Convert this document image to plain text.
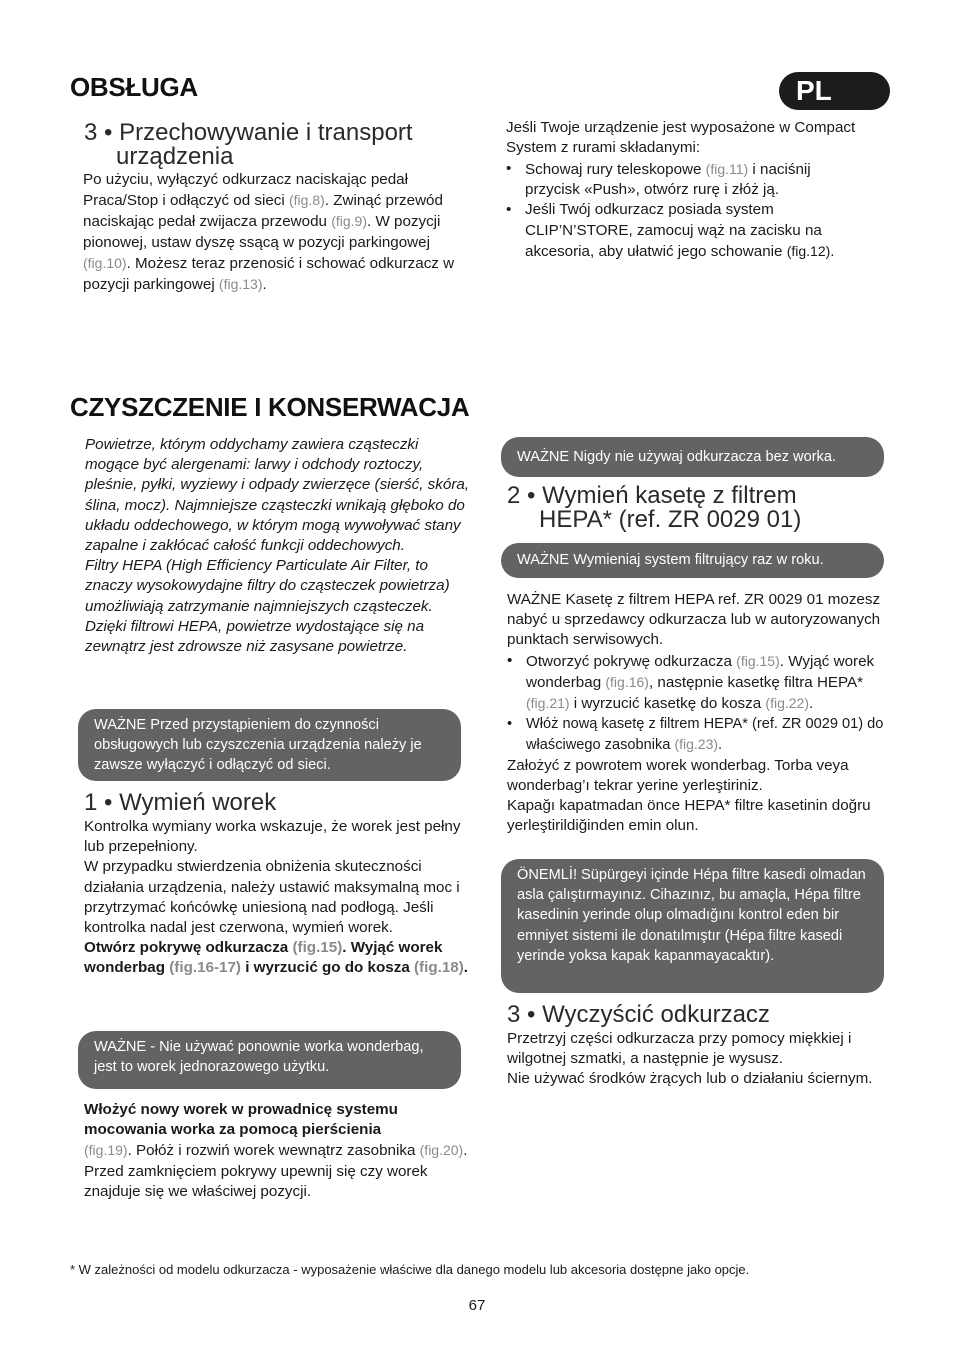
OBSŁUGA	PL
3 • Przechowywanie i transport
urządzenia
Po użyciu, wyłączyć odkurzacz naciskając pedał Praca/Stop i odłączyć od sieci (fig.8). Zwinąć przewód naciskając pedał zwijacza przewodu (fig.9). W pozycji pionowej, ustaw dyszę ssącą w pozycji parkingowej (fig.10). Możesz teraz przenosić i schować odkurzacz w pozycji parkingowej (fig.13).
Jeśli Twoje urządzenie jest wyposażone w Compact System z rurami składanymi:
• Schowaj rury teleskopowe (fig.11) i naciśnij przycisk «Push», otwórz rurę i złóż ją.
• Jeśli Twój odkurzacz posiada system CLIP’N’STORE, zamocuj wąż na zacisku na akcesoria, aby ułatwić jego schowanie (fig.12).
CZYSZCZENIE I KONSERWACJA
Powietrze, którym oddychamy zawiera cząsteczki mogące być alergenami: larwy i odchody roztoczy, pleśnie, pyłki, wyziewy i odpady zwierzęce (sierść, skóra, ślina, mocz). Najmniejsze cząsteczki wnikają głęboko do układu oddechowego, w którym mogą wywoływać stany zapalne i zakłócać całość funkcji oddechowych.
Filtry HEPA (High Efficiency Particulate Air Filter, to znaczy wysokowydajne filtry do cząsteczek powietrza) umożliwiają zatrzymanie najmniejszych cząsteczek.
Dzięki filtrowi HEPA, powietrze wydostające się na zewnątrz jest zdrowsze niż zasysane powietrze.
WAŻNE Przed przystąpieniem do czynności obsługowych lub czyszczenia urządzenia należy je zawsze wyłączyć i odłączyć od sieci.
1 • Wymień worek
Kontrolka wymiany worka wskazuje, że worek jest pełny lub przepełniony.
W przypadku stwierdzenia obniżenia skuteczności działania urządzenia, należy ustawić maksymalną moc i przytrzymać końcówkę uniesioną nad podłogą. Jeśli kontrolka nadal jest czerwona, wymień worek.
Otwórz pokrywę odkurzacza (fig.15). Wyjąć worek wonderbag (fig.16-17) i wyrzucić go do kosza (fig.18).
WAŻNE - Nie używać ponownie worka wonderbag, jest to worek jednorazowego użytku.
Włożyć nowy worek w prowadnicę systemu mocowania worka za pomocą pierścienia
(fig.19). Połóż i rozwiń worek wewnątrz zasobnika (fig.20). Przed zamknięciem pokrywy upewnij się czy worek znajduje się we właściwej pozycji.
WAŻNE Nigdy nie używaj odkurzacza bez worka.
2 • Wymień kasetę z filtrem
HEPA* (ref. ZR 0029 01)
WAŻNE Wymieniaj system filtrujący raz w roku.
WAŻNE Kasetę z filtrem HEPA ref. ZR 0029 01 mozesz nabyć u sprzedawcy odkurzacza lub w autoryzowanych punktach serwisowych.
• Otworzyć pokrywę odkurzacza (fig.15). Wyjąć worek wonderbag (fig.16), następnie kasetkę filtra HEPA* (fig.21) i wyrzucić kasetkę do kosza (fig.22).
• Włóż nową kasetę z filtrem HEPA* (ref. ZR 0029 01) do właściwego zasobnika (fig.23).
Założyć z powrotem worek wonderbag. Torba veya wonderbag’ı tekrar yerine yerleştiriniz.
Kapağı kapatmadan önce HEPA* filtre kasetinin doğru yerleştirildiğinden emin olun.
ÖNEMLİ! Süpürgeyi içinde Hépa filtre kasedi olmadan asla çalıştırmayınız. Cihazınız, bu amaçla, Hépa filtre kasedinin yerinde olup olmadığını kontrol eden bir emniyet sistemi ile donatılmıştır (Hépa filtre kasedi yerinde yoksa kapak kapanmayacaktır).
3 • Wyczyścić odkurzacz
Przetrzyj części odkurzacza przy pomocy miękkiej i wilgotnej szmatki, a następnie je wysusz.
Nie używać środków żrących lub o działaniu ściernym.
* W zależności od modelu odkurzacza - wyposażenie właściwe dla danego modelu lub akcesoria dostępne jako opcje.
67
